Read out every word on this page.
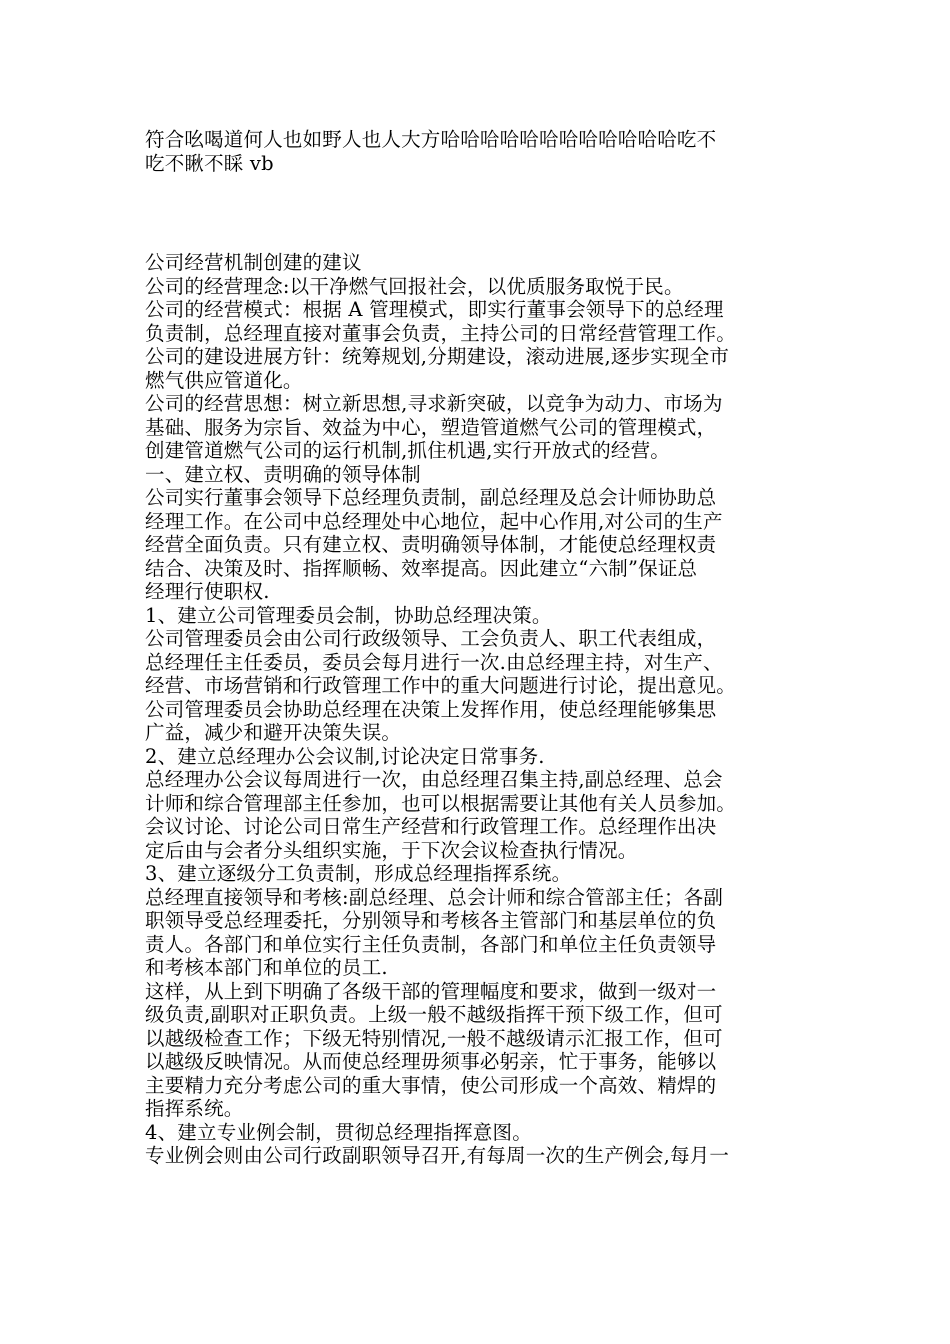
符合吆喝道何人也如野人也人大方哈哈哈哈哈哈哈哈哈哈哈哈吃不
吃不瞅不睬 vb
公司经营机制创建的建议
公司的经营理念:以干净燃气回报社会，以优质服务取悦于民。
公司的经营模式：根据 A 管理模式，即实行董事会领导下的总经理
负责制，总经理直接对董事会负责，主持公司的日常经营管理工作。
公司的建设进展方针：统筹规划,分期建设，滚动进展,逐步实现全市
燃气供应管道化。
公司的经营思想：树立新思想,寻求新突破，以竞争为动力、市场为
基础、服务为宗旨、效益为中心，塑造管道燃气公司的管理模式，
创建管道燃气公司的运行机制,抓住机遇,实行开放式的经营。
一、建立权、责明确的领导体制
公司实行董事会领导下总经理负责制，副总经理及总会计师协助总
经理工作。在公司中总经理处中心地位，起中心作用,对公司的生产
经营全面负责。只有建立权、责明确领导体制，才能使总经理权责
结合、决策及时、指挥顺畅、效率提高。因此建立“六制”保证总
经理行使职权.
1、建立公司管理委员会制，协助总经理决策。
公司管理委员会由公司行政级领导、工会负责人、职工代表组成，
总经理任主任委员，委员会每月进行一次.由总经理主持，对生产、
经营、市场营销和行政管理工作中的重大问题进行讨论，提出意见。
公司管理委员会协助总经理在决策上发挥作用，使总经理能够集思
广益，减少和避开决策失误。
2、建立总经理办公会议制,讨论决定日常事务.
总经理办公会议每周进行一次，由总经理召集主持,副总经理、总会
计师和综合管理部主任参加，也可以根据需要让其他有关人员参加。
会议讨论、讨论公司日常生产经营和行政管理工作。总经理作出决
定后由与会者分头组织实施，于下次会议检查执行情况。
3、建立逐级分工负责制，形成总经理指挥系统。
总经理直接领导和考核:副总经理、总会计师和综合管部主任；各副
职领导受总经理委托，分别领导和考核各主管部门和基层单位的负
责人。各部门和单位实行主任负责制，各部门和单位主任负责领导
和考核本部门和单位的员工.
这样，从上到下明确了各级干部的管理幅度和要求，做到一级对一
级负责,副职对正职负责。上级一般不越级指挥干预下级工作，但可
以越级检查工作；下级无特别情况,一般不越级请示汇报工作，但可
以越级反映情况。从而使总经理毋须事必躬亲，忙于事务，能够以
主要精力充分考虑公司的重大事情，使公司形成一个高效、精焊的
指挥系统。
4、建立专业例会制，贯彻总经理指挥意图。
专业例会则由公司行政副职领导召开,有每周一次的生产例会,每月一
